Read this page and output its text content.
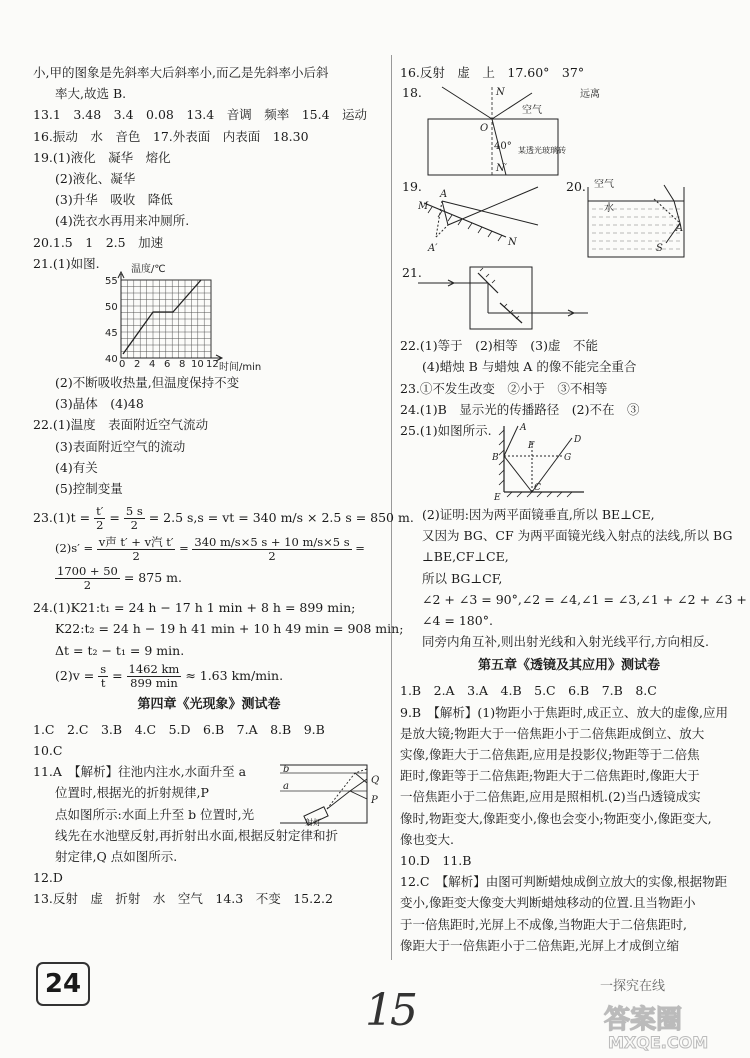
小,甲的图象是先斜率大后斜率小,而乙是先斜率小后斜
率大,故选 B.
13.1　3.48　3.4　0.08　13.4　音调　频率　15.4　运动
16.振动　水　音色　17.外表面　内表面　18.30
19.(1)液化　凝华　熔化
(2)液化、凝华
(3)升华　吸收　降低
(4)洗衣水再用来冲厕所.
20.1.5　1　2.5　加速
21.(1)如图.	温度/℃
时间/min
55
50
45
40 0 2 4 6 8 10 12
(2)不断吸收热量,但温度保持不变
(3)晶体　(4)48
22.(1)温度　表面附近空气流动
(3)表面附近空气的流动
(4)有关
(5)控制变量
$23.(1)t = \frac{t'}{2} = \frac{5 s}{2} = 2.5$ s,s = vt = 340 m/s × 2.5 s = 850 m.
$(2)s' = \frac{\text{v声 t′ + v汽 t′}}{2} = \frac{340 m/s\times 5 s + 10 m/s\times 5 s}{2}$ =
$\frac{1700 + 50}{2} = 875$ m.
24.(1)K21:t₁ = 24 h − 17 h 1 min + 8 h = 899 min;
K22:t₂ = 24 h − 19 h 41 min + 10 h 49 min = 908 min;
Δt = t₂ − t₁ = 9 min.
$(2)v = \frac{s}{t} = \frac{1462 km}{899 \min} \approx 1.63$ km/min.
第四章《光现象》测试卷
1.C　2.C　3.B　4.C　5.D　6.B　7.A　8.B　9.B
10.C
11.A　【解析】往池内注水,水面升至 a
位置时,根据光的折射规律,P
点如图所示:水面上升至 b 位置时,光
线先在水池壁反射,再折射出水面,根据反射定律和折
射定律,Q 点如图所示.
b
a
Q
P
射灯
12.D
13.反射　虚　折射　水　空气　14.3　不变　15.2.2
16.反射　虚　上　17.60°　37°
18.	N
空气
远离
O
40°
N′
某透光玻璃砖
19.
A
A′
M
N
20. 空气
水
A
S
21.
22.(1)等于　(2)相等　(3)虚　不能
(4)蜡烛 B 与蜡烛 A 的像不能完全重合
23.①不发生改变　②小于　③不相等
24.(1)B　显示光的传播路径　(2)不在　③
25.(1)如图所示.	A
B
C
D
E
F
G
(2)证明:因为两平面镜垂直,所以 BE⊥CE,
又因为 BG、CF 为两平面镜光线入射点的法线,所以 BG
⊥BE,CF⊥CE,
所以 BG⊥CF,
∠2 + ∠3 = 90°,∠2 = ∠4,∠1 = ∠3,∠1 + ∠2 + ∠3 +
∠4 = 180°.
同旁内角互补,则出射光线和入射光线平行,方向相反.
第五章《透镜及其应用》测试卷
1.B　2.A　3.A　4.B　5.C　6.B　7.B　8.C
9.B　【解析】(1)物距小于焦距时,成正立、放大的虚像,应用
是放大镜;物距大于一倍焦距小于二倍焦距成倒立、放大
实像,像距大于二倍焦距,应用是投影仪;物距等于二倍焦
距时,像距等于二倍焦距;物距大于二倍焦距时,像距大于
一倍焦距小于二倍焦距,应用是照相机.(2)当凸透镜成实
像时,物距变大,像距变小,像也会变小;物距变小,像距变大,
像也变大.
10.D　11.B
12.C　【解析】由图可判断蜡烛成倒立放大的实像,根据物距
变小,像距变大像变大判断蜡烛移动的位置.且当物距小
于一倍焦距时,光屏上不成像,当物距大于二倍焦距时,
像距大于一倍焦距小于二倍焦距,光屏上才成倒立缩
24
15	一探究在线
答案圈
MXQE.COM
